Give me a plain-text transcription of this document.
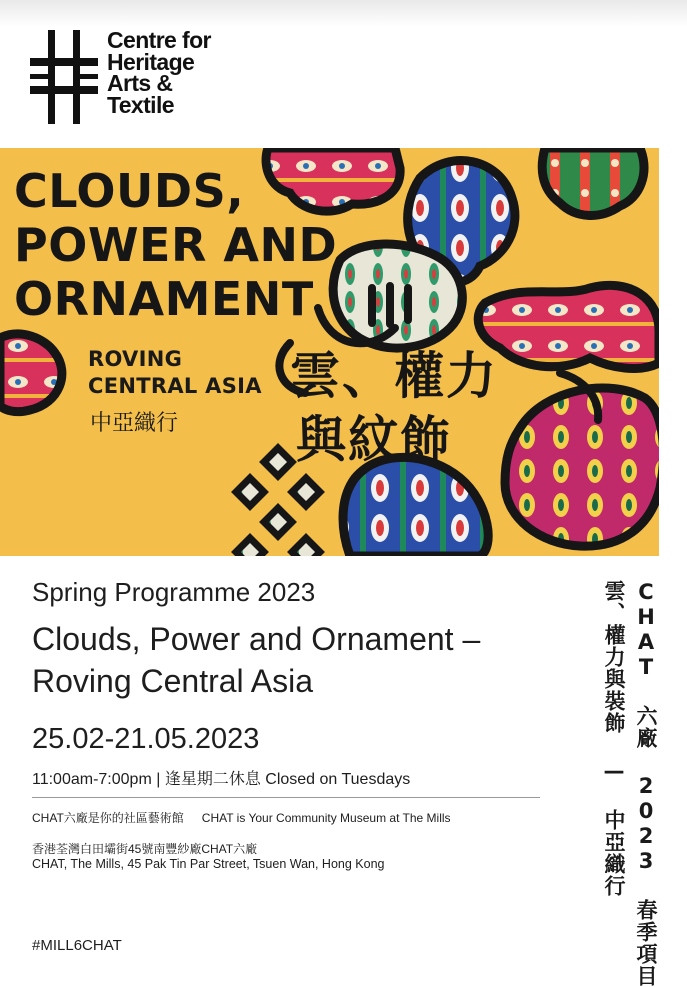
Centre for
Heritage
Arts &
Textile
CLOUDS,
POWER AND
ORNAMENT
ROVING
CENTRAL ASIA
中亞織行
雲、權力
與紋飾
Spring Programme 2023
Clouds, Power and Ornament –
Roving Central Asia
25.02-21.05.2023
11:00am-7:00pm | 逢星期二休息 Closed on Tuesdays
CHAT六廠是你的社區藝術館 CHAT is Your Community Museum at The Mills
香港荃灣白田壩街45號南豐紗廠CHAT六廠
CHAT, The Mills, 45 Pak Tin Par Street, Tsuen Wan, Hong Kong
#MILL6CHAT	CHAT 六廠 2023 春季項目
雲、權力與裝飾 — 中亞織行
